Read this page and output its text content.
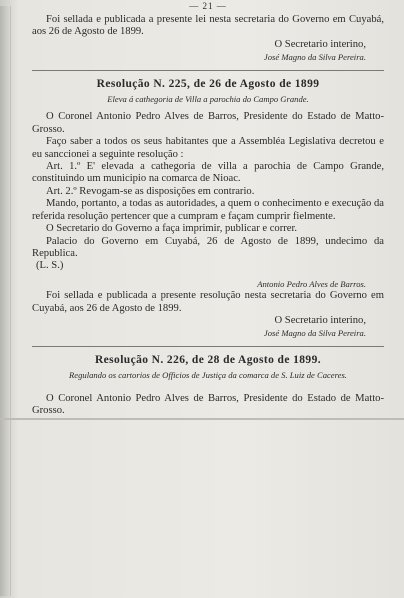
— 21 —

Foi sellada e publicada a presente lei nesta secretaria do Governo em Cuyabá, aos 26 de Agosto de 1899.

O Secretario interino,

José Magno da Silva Pereira.

Resolução N. 225, de 26 de Agosto de 1899
Eleva á cathegoria de Villa a parochia do Campo Grande.

O Coronel Antonio Pedro Alves de Barros, Presidente do Estado de Matto-Grosso.

Faço saber a todos os seus habitantes que a Assembléa Legislativa decretou e eu sanccionei a seguinte resolução :

Art. 1.º E' elevada a cathegoria de villa a parochia de Campo Grande, constituindo um municipio na comarca de Nioac.

Art. 2.º Revogam-se as disposições em contrario.

Mando, portanto, a todas as autoridades, a quem o conhecimento e execução da referida resolução pertencer que a cumpram e façam cumprir fielmente.

O Secretario do Governo a faça imprimir, publicar e correr.

Palacio do Governo em Cuyabá, 26 de Agosto de 1899, undecimo da Republica.

(L. S.)

Antonio Pedro Alves de Barros.

Foi sellada e publicada a presente resolução nesta secretaria do Governo em Cuyabá, aos 26 de Agosto de 1899.

O Secretario interino,

José Magno da Silva Pereira.

Resolução N. 226, de 28 de Agosto de 1899.
Regulando os cartorios de Officios de Justiça da comarca de S. Luiz de Caceres.

O Coronel Antonio Pedro Alves de Barros, Presidente do Estado de Matto-Grosso.
